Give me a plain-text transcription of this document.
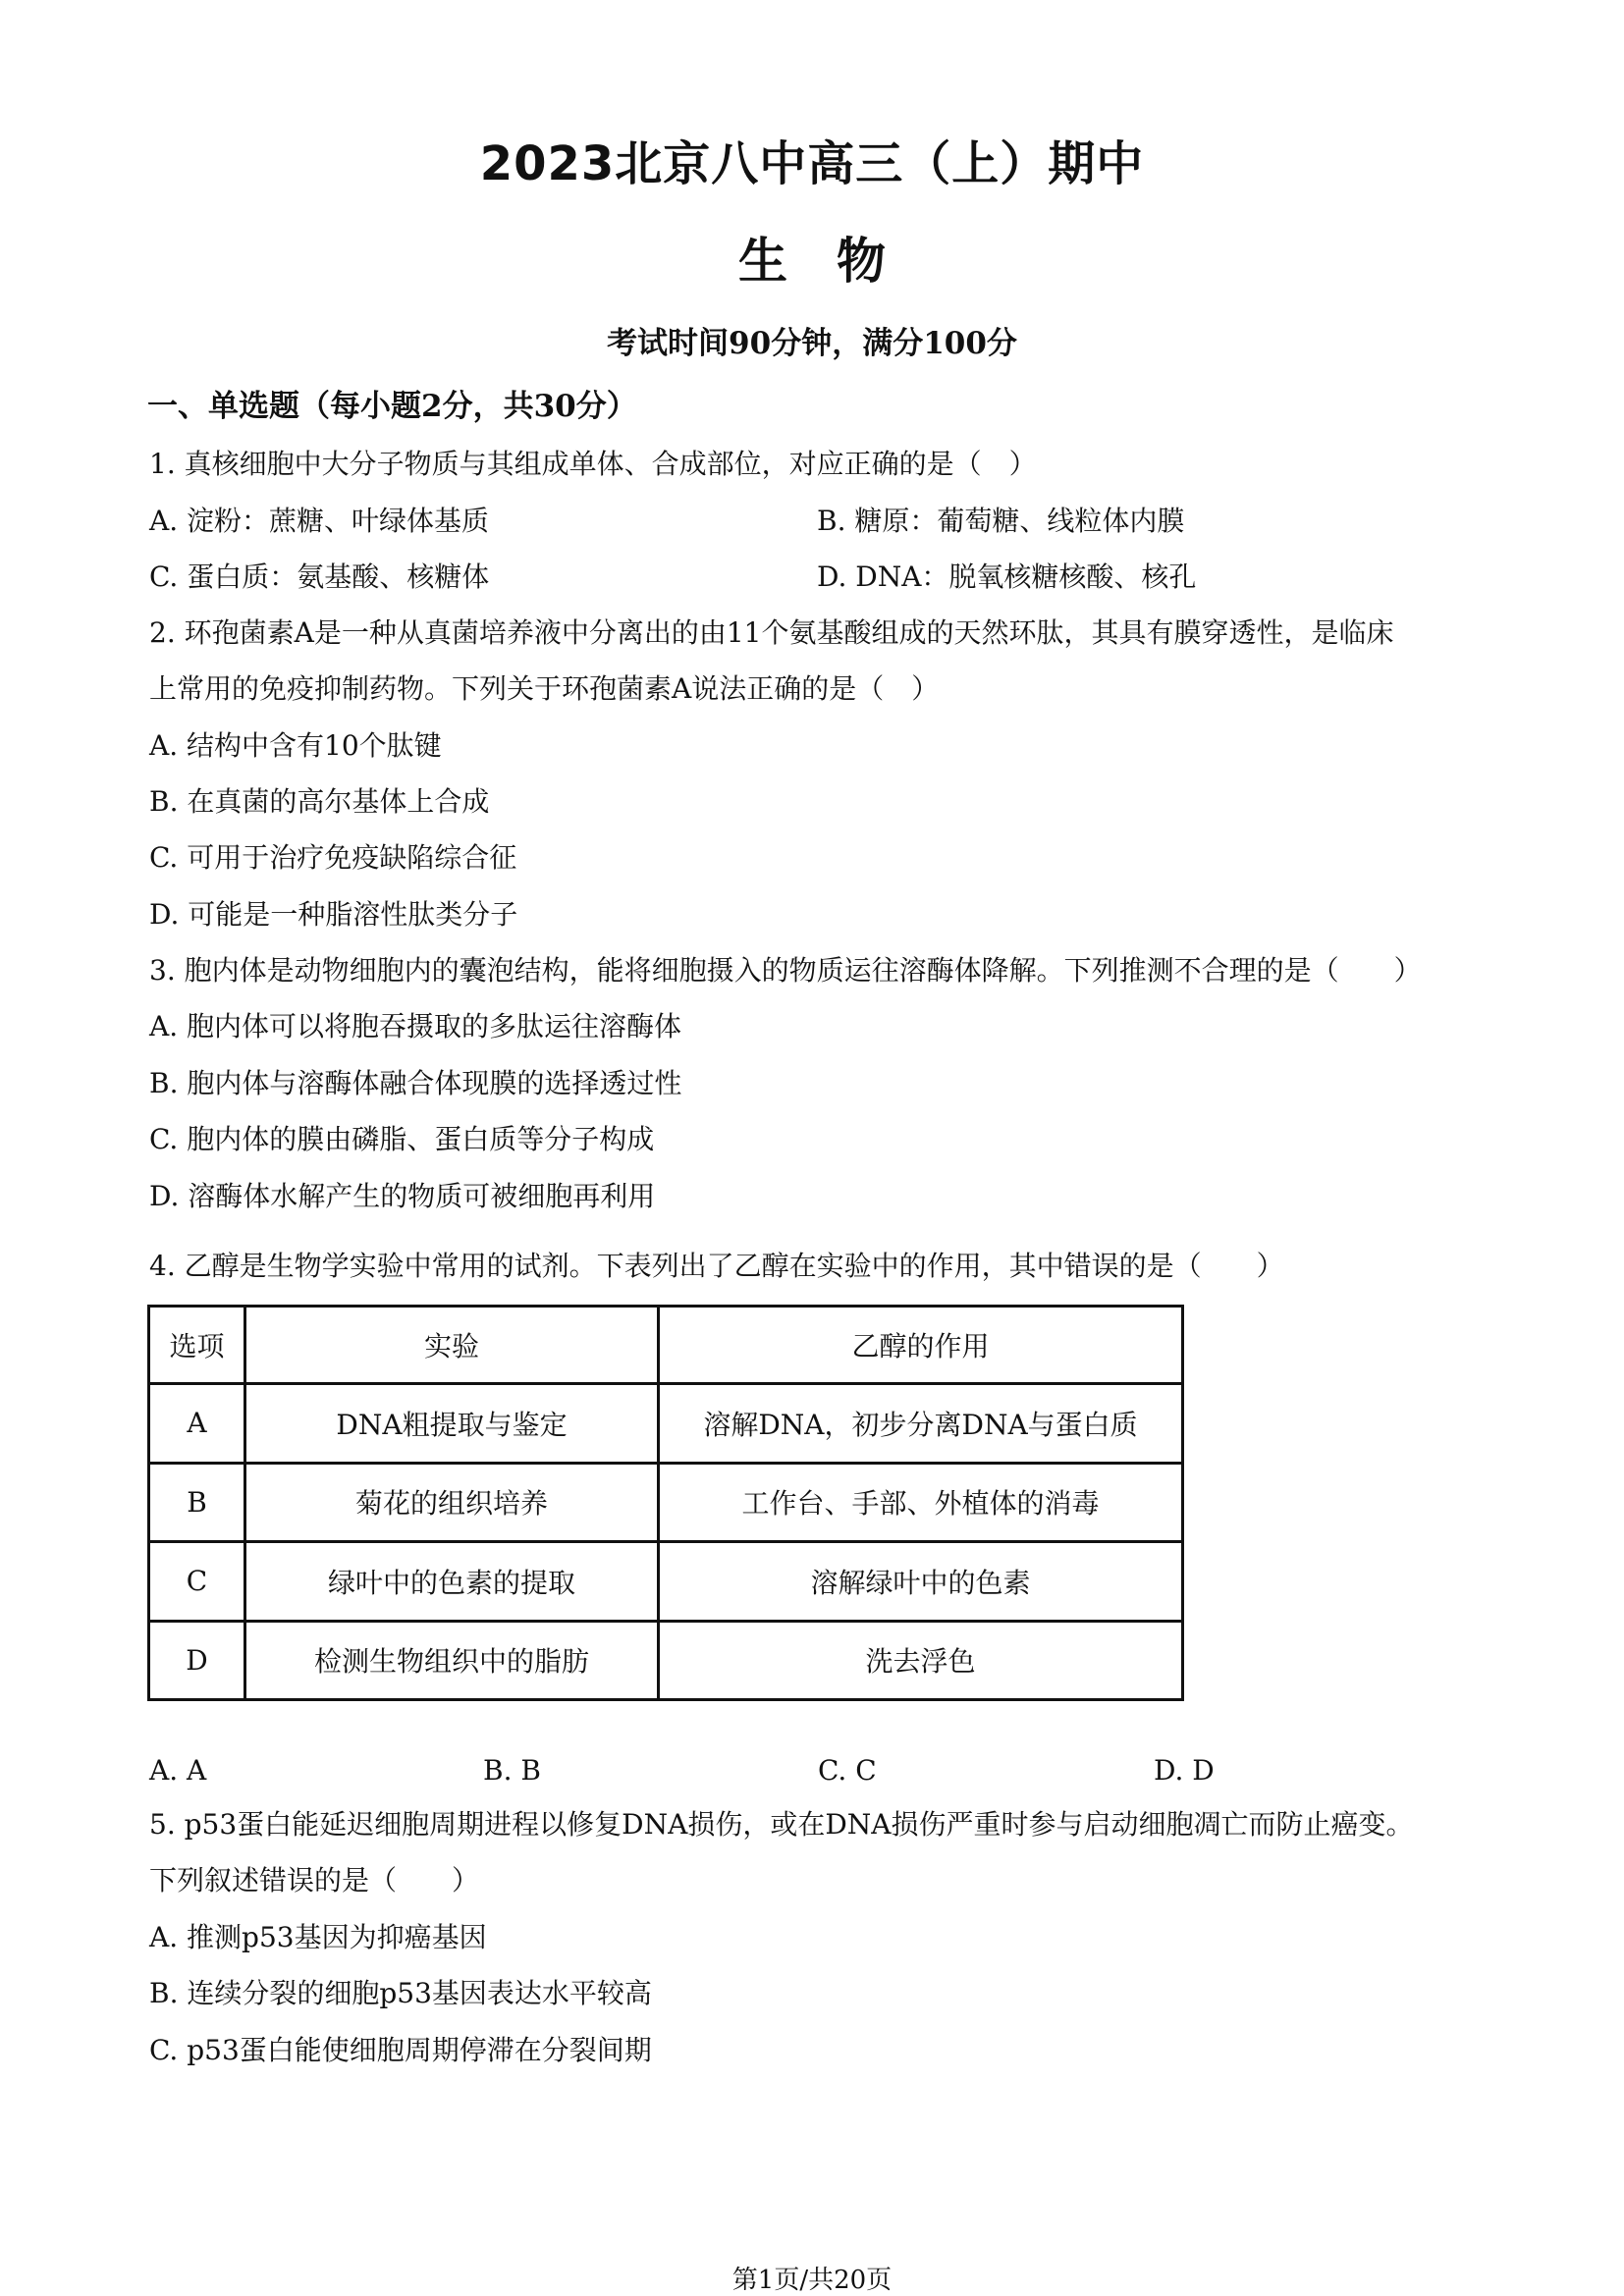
2023北京八中高三（上）期中
生　物
考试时间90分钟，满分100分
一、单选题（每小题2分，共30分）
1. 真核细胞中大分子物质与其组成单体、合成部位，对应正确的是（　）
A. 淀粉：蔗糖、叶绿体基质	B. 糖原：葡萄糖、线粒体内膜
C. 蛋白质：氨基酸、核糖体	D. DNA：脱氧核糖核酸、核孔
2. 环孢菌素A是一种从真菌培养液中分离出的由11个氨基酸组成的天然环肽，其具有膜穿透性，是临床
上常用的免疫抑制药物。下列关于环孢菌素A说法正确的是（　）
A. 结构中含有10个肽键
B. 在真菌的高尔基体上合成
C. 可用于治疗免疫缺陷综合征
D. 可能是一种脂溶性肽类分子
3. 胞内体是动物细胞内的囊泡结构，能将细胞摄入的物质运往溶酶体降解。下列推测不合理的是（　　）
A. 胞内体可以将胞吞摄取的多肽运往溶酶体
B. 胞内体与溶酶体融合体现膜的选择透过性
C. 胞内体的膜由磷脂、蛋白质等分子构成
D. 溶酶体水解产生的物质可被细胞再利用
4. 乙醇是生物学实验中常用的试剂。下表列出了乙醇在实验中的作用，其中错误的是（　　）
选项	实验	乙醇的作用
A	DNA粗提取与鉴定	溶解DNA，初步分离DNA与蛋白质
B	菊花的组织培养	工作台、手部、外植体的消毒
C	绿叶中的色素的提取	溶解绿叶中的色素
D	检测生物组织中的脂肪	洗去浮色
A. A	B. B	C. C	D. D
5. p53蛋白能延迟细胞周期进程以修复DNA损伤，或在DNA损伤严重时参与启动细胞凋亡而防止癌变。
下列叙述错误的是（　　）
A. 推测p53基因为抑癌基因
B. 连续分裂的细胞p53基因表达水平较高
C. p53蛋白能使细胞周期停滞在分裂间期
第1页/共20页
